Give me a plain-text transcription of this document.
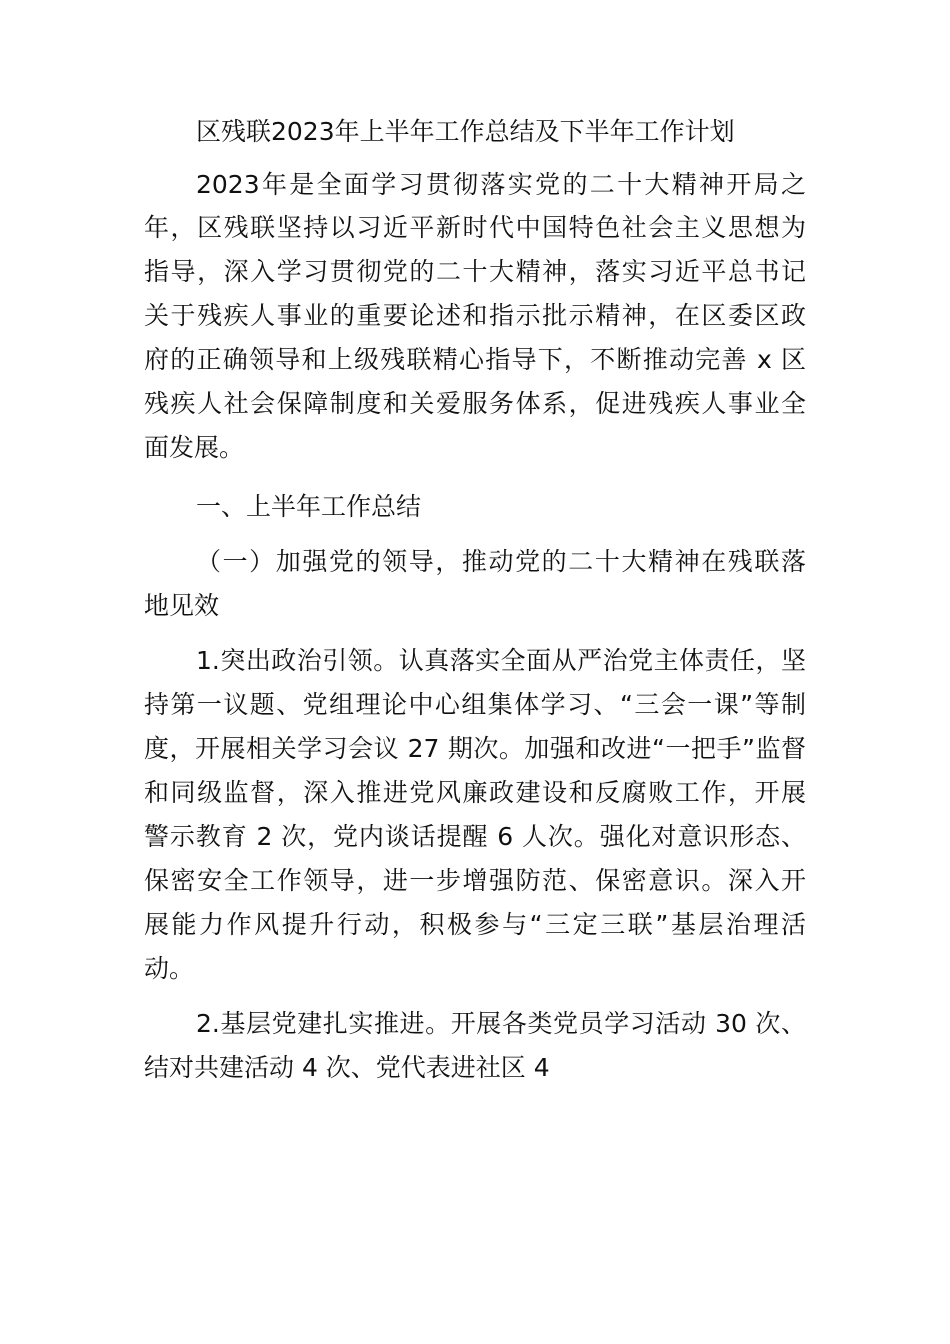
区残联2023年上半年工作总结及下半年工作计划
2023年是全面学习贯彻落实党的二十大精神开局之
年，区残联坚持以习近平新时代中国特色社会主义思想为
指导，深入学习贯彻党的二十大精神，落实习近平总书记
关于残疾人事业的重要论述和指示批示精神，在区委区政
府的正确领导和上级残联精心指导下，不断推动完善 x 区
残疾人社会保障制度和关爱服务体系，促进残疾人事业全
面发展。
一、上半年工作总结
（一）加强党的领导，推动党的二十大精神在残联落
地见效
1.突出政治引领。认真落实全面从严治党主体责任，坚
持第一议题、党组理论中心组集体学习、“三会一课”等制
度，开展相关学习会议 27 期次。加强和改进“一把手”监督
和同级监督，深入推进党风廉政建设和反腐败工作，开展
警示教育 2 次，党内谈话提醒 6 人次。强化对意识形态、
保密安全工作领导，进一步增强防范、保密意识。深入开
展能力作风提升行动，积极参与“三定三联”基层治理活
动。
2.基层党建扎实推进。开展各类党员学习活动 30 次、
结对共建活动 4 次、党代表进社区 4
